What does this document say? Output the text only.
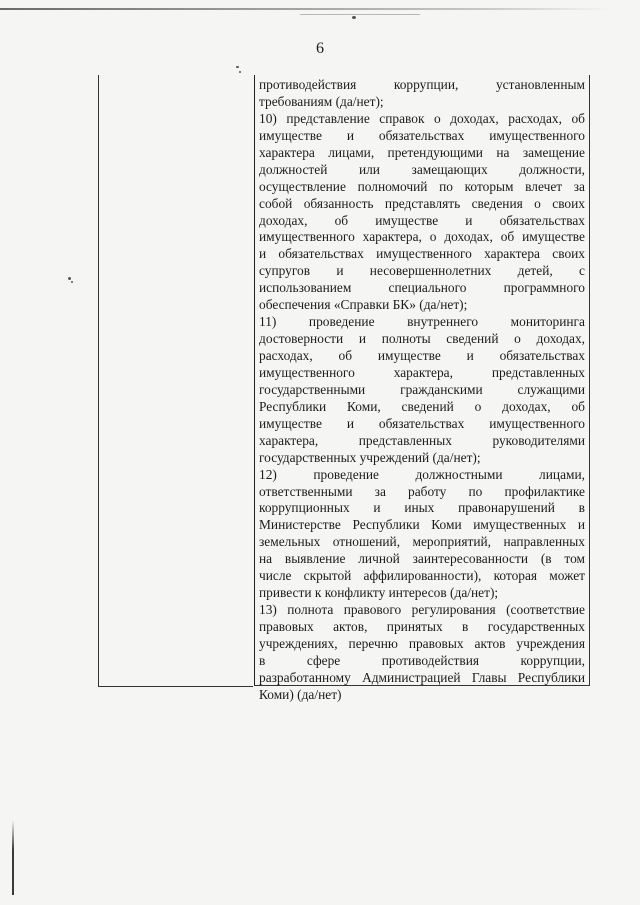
6
противодействия коррупции, установленным
требованиям (да/нет);
10) представление справок о доходах, расходах, об
имуществе и обязательствах имущественного
характера лицами, претендующими на замещение
должностей или замещающих должности,
осуществление полномочий по которым влечет за
собой обязанность представлять сведения о своих
доходах, об имуществе и обязательствах
имущественного характера, о доходах, об имуществе
и обязательствах имущественного характера своих
супругов и несовершеннолетних детей, с
использованием специального программного
обеспечения «Справки БК» (да/нет);
11) проведение внутреннего мониторинга
достоверности и полноты сведений о доходах,
расходах, об имуществе и обязательствах
имущественного характера, представленных
государственными гражданскими служащими
Республики Коми, сведений о доходах, об
имуществе и обязательствах имущественного
характера, представленных руководителями
государственных учреждений (да/нет);
12) проведение должностными лицами,
ответственными за работу по профилактике
коррупционных и иных правонарушений в
Министерстве Республики Коми имущественных и
земельных отношений, мероприятий, направленных
на выявление личной заинтересованности (в том
числе скрытой аффилированности), которая может
привести к конфликту интересов (да/нет);
13) полнота правового регулирования (соответствие
правовых актов, принятых в государственных
учреждениях, перечню правовых актов учреждения
в сфере противодействия коррупции,
разработанному Администрацией Главы Республики
Коми) (да/нет)
